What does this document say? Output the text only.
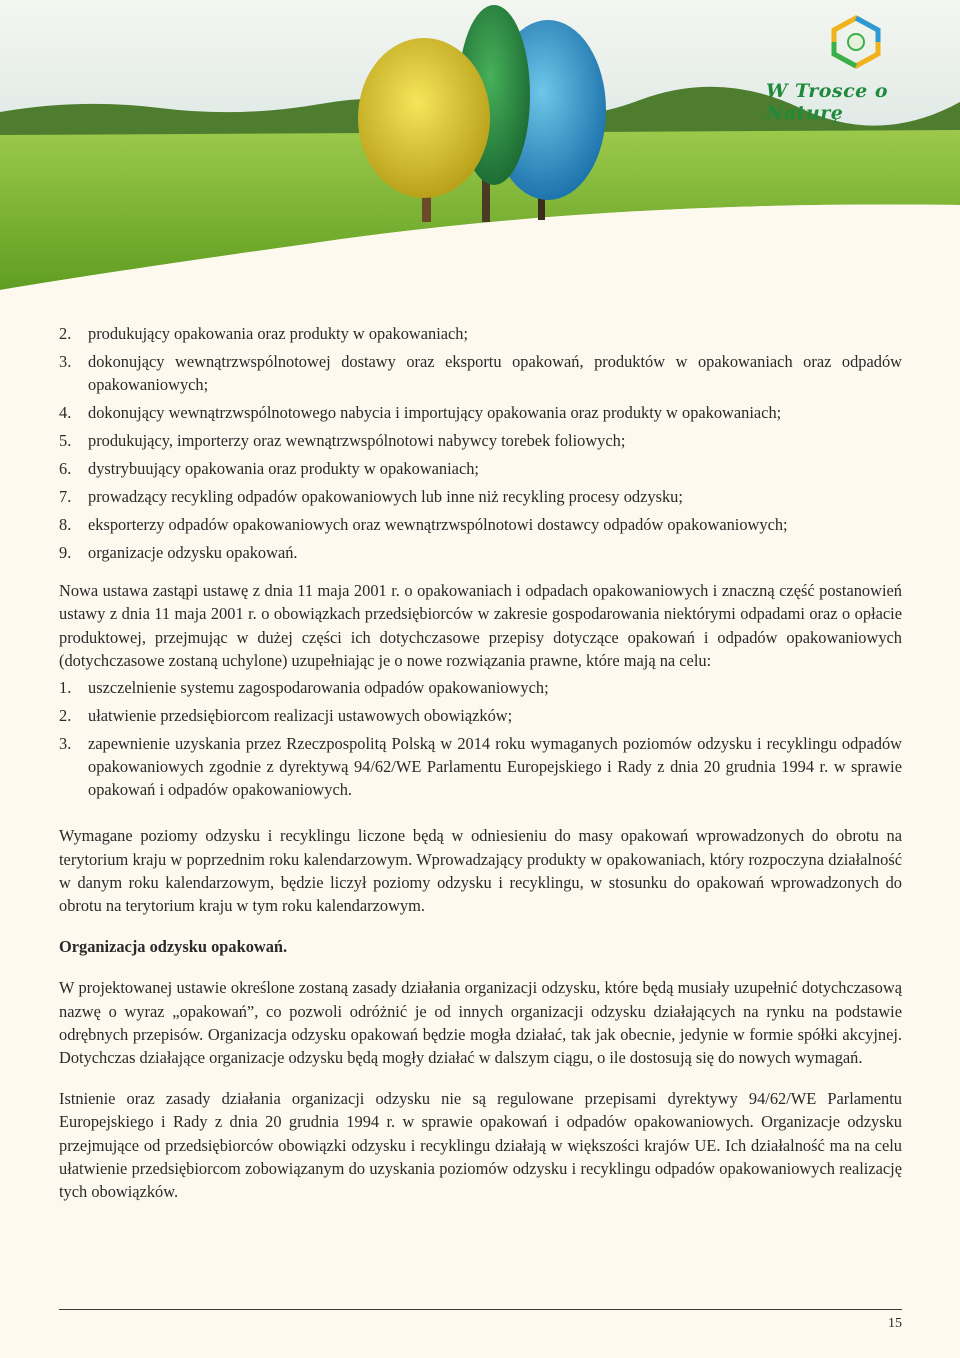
W Trosce o Naturę
2. produkujący opakowania oraz produkty w opakowaniach;
3. dokonujący wewnątrzwspólnotowej dostawy oraz eksportu opakowań, produktów w opakowaniach oraz odpadów opakowaniowych;
4. dokonujący wewnątrzwspólnotowego nabycia i importujący opakowania oraz produkty w opakowaniach;
5. produkujący, importerzy oraz wewnątrzwspólnotowi nabywcy torebek foliowych;
6. dystrybuujący opakowania oraz produkty w opakowaniach;
7. prowadzący recykling odpadów opakowaniowych lub inne niż recykling procesy odzysku;
8. eksporterzy odpadów opakowaniowych oraz wewnątrzwspólnotowi dostawcy odpadów opakowaniowych;
9. organizacje odzysku opakowań.

Nowa ustawa zastąpi ustawę z dnia 11 maja 2001 r. o opakowaniach i odpadach opakowaniowych i znaczną część postanowień ustawy z dnia 11 maja 2001 r. o obowiązkach przedsiębiorców w zakresie gospodarowania niektórymi odpadami oraz o opłacie produktowej, przejmując w dużej części ich dotychczasowe przepisy dotyczące opakowań i odpadów opakowaniowych (dotychczasowe zostaną uchylone) uzupełniając je o nowe rozwiązania prawne, które mają na celu:

1. uszczelnienie systemu zagospodarowania odpadów opakowaniowych;
2. ułatwienie przedsiębiorcom realizacji ustawowych obowiązków;
3. zapewnienie uzyskania przez Rzeczpospolitą Polską w 2014 roku wymaganych poziomów odzysku i recyklingu odpadów opakowaniowych zgodnie z dyrektywą 94/62/WE Parlamentu Europejskiego i Rady z dnia 20 grudnia 1994 r. w sprawie opakowań i odpadów opakowaniowych.

Wymagane poziomy odzysku i recyklingu liczone będą w odniesieniu do masy opakowań wprowadzonych do obrotu na terytorium kraju w poprzednim roku kalendarzowym. Wprowadzający produkty w opakowaniach, który rozpoczyna działalność w danym roku kalendarzowym, będzie liczył poziomy odzysku i recyklingu, w stosunku do opakowań wprowadzonych do obrotu na terytorium kraju w tym roku kalendarzowym.

Organizacja odzysku opakowań.

W projektowanej ustawie określone zostaną zasady działania organizacji odzysku, które będą musiały uzupełnić dotychczasową nazwę o wyraz „opakowań”, co pozwoli odróżnić je od innych organizacji odzysku działających na rynku na podstawie odrębnych przepisów. Organizacja odzysku opakowań będzie mogła działać, tak jak obecnie, jedynie w formie spółki akcyjnej. Dotychczas działające organizacje odzysku będą mogły działać w dalszym ciągu, o ile dostosują się do nowych wymagań.

Istnienie oraz zasady działania organizacji odzysku nie są regulowane przepisami dyrektywy 94/62/WE Parlamentu Europejskiego i Rady z dnia 20 grudnia 1994 r. w sprawie opakowań i odpadów opakowaniowych. Organizacje odzysku przejmujące od przedsiębiorców obowiązki odzysku i recyklingu działają w większości krajów UE. Ich działalność ma na celu ułatwienie przedsiębiorcom zobowiązanym do uzyskania poziomów odzysku i recyklingu odpadów opakowaniowych realizację tych obowiązków.

15
